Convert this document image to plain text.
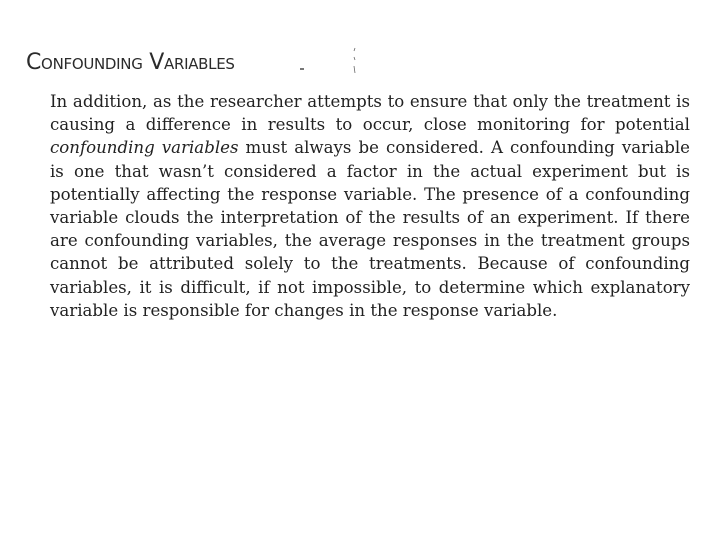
Confounding Variables

In addition, as the researcher attempts to ensure that only the treatment is causing a difference in results to occur, close monitoring for potential confounding variables must always be considered. A confounding variable is one that wasn’t considered a factor in the actual experiment but is potentially affecting the response variable. The presence of a confounding variable clouds the interpretation of the results of an experiment. If there are confounding variables, the average responses in the treatment groups cannot be attributed solely to the treatments. Because of confounding variables, it is difficult, if not impossible, to determine which explanatory variable is responsible for changes in the response variable.
